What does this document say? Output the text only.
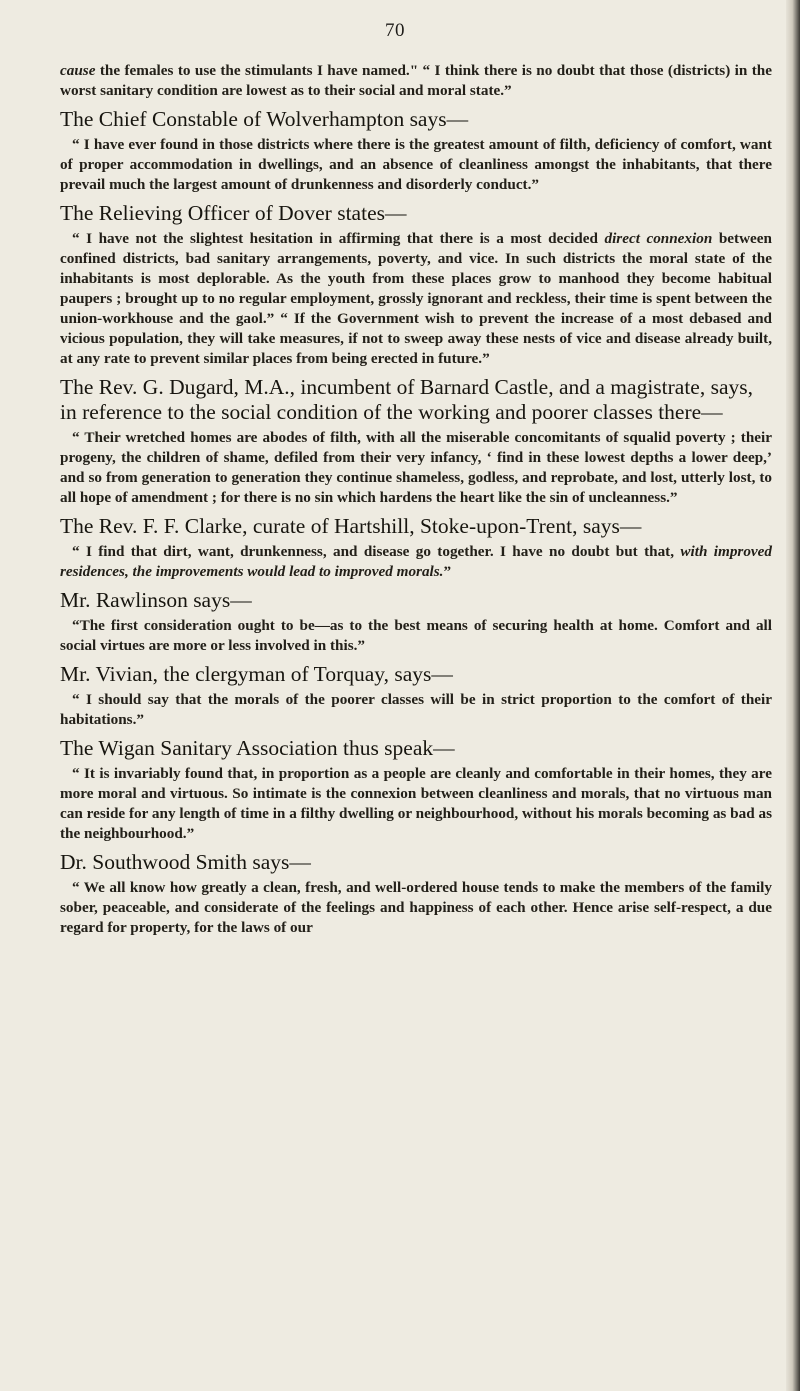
70

cause the females to use the stimulants I have named." “ I think there is no doubt that those (districts) in the worst sanitary condition are lowest as to their social and moral state.”

The Chief Constable of Wolverhampton says—

“ I have ever found in those districts where there is the greatest amount of filth, deficiency of comfort, want of proper accommodation in dwellings, and an absence of cleanliness amongst the inhabitants, that there prevail much the largest amount of drunkenness and disorderly conduct.”

The Relieving Officer of Dover states—

“ I have not the slightest hesitation in affirming that there is a most decided direct connexion between confined districts, bad sanitary arrangements, poverty, and vice. In such districts the moral state of the inhabitants is most deplorable. As the youth from these places grow to manhood they become habitual paupers ; brought up to no regular employment, grossly ignorant and reckless, their time is spent between the union-workhouse and the gaol.” “ If the Government wish to prevent the increase of a most debased and vicious population, they will take measures, if not to sweep away these nests of vice and disease already built, at any rate to prevent similar places from being erected in future.”

The Rev. G. Dugard, M.A., incumbent of Barnard Castle, and a magistrate, says, in reference to the social condition of the working and poorer classes there—

“ Their wretched homes are abodes of filth, with all the miserable concomitants of squalid poverty ; their progeny, the children of shame, defiled from their very infancy, ‘ find in these lowest depths a lower deep,’ and so from generation to generation they continue shameless, godless, and reprobate, and lost, utterly lost, to all hope of amendment ; for there is no sin which hardens the heart like the sin of uncleanness.”

The Rev. F. F. Clarke, curate of Hartshill, Stoke-upon-Trent, says—

“ I find that dirt, want, drunkenness, and disease go together. I have no doubt but that, with improved residences, the improvements would lead to improved morals.”

Mr. Rawlinson says—

“The first consideration ought to be—as to the best means of securing health at home. Comfort and all social virtues are more or less involved in this.”

Mr. Vivian, the clergyman of Torquay, says—

“ I should say that the morals of the poorer classes will be in strict proportion to the comfort of their habitations.”

The Wigan Sanitary Association thus speak—

“ It is invariably found that, in proportion as a people are cleanly and comfortable in their homes, they are more moral and virtuous. So intimate is the connexion between cleanliness and morals, that no virtuous man can reside for any length of time in a filthy dwelling or neighbourhood, without his morals becoming as bad as the neighbourhood.”

Dr. Southwood Smith says—

“ We all know how greatly a clean, fresh, and well-ordered house tends to make the members of the family sober, peaceable, and considerate of the feelings and happiness of each other. Hence arise self-respect, a due regard for property, for the laws of our
